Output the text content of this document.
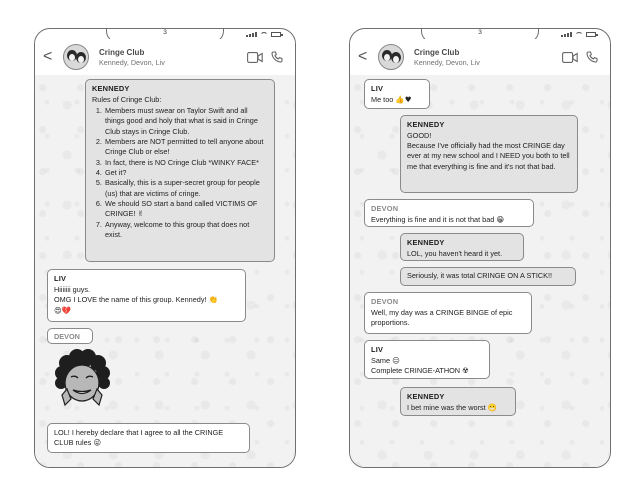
3
<	Cringe Club
Kennedy, Devon, Liv
KENNEDY
Rules of Cringe Club:
1. Members must swear on Taylor Swift and all things good and holy that what is said in Cringe Club stays in Cringe Club.
2. Members are NOT permitted to tell anyone about Cringe Club or else!
3. In fact, there is NO Cringe Club *WINKY FACE*
4. Get it?
5. Basically, this is a super-secret group for people (us) that are victims of cringe.
6. We should SO start a band called VICTIMS OF CRINGE! ✌
7. Anyway, welcome to this group that does not exist.
LIV
Hiiiiiii guys.
OMG I LOVE the name of this group. Kennedy! 👏
😍💔
DEVON
LOL! I hereby declare that I agree to all the CRINGE CLUB rules 😜
3
<	Cringe Club
Kennedy, Devon, Liv
LIV
Me too 👍♥
KENNEDY
GOOD!
Because I've officially had the most CRINGE day ever at my new school and I NEED you both to tell me that everything is fine and it's not that bad.
DEVON
Everything is fine and it is not that bad 😁
KENNEDY
LOL, you haven't heard it yet.
Seriously, it was total CRINGE ON A STICK!!
DEVON
Well, my day was a CRINGE BINGE of epic proportions.
LIV
Same 😐
Complete CRINGE-ATHON ☢
KENNEDY
I bet mine was the worst 😬
